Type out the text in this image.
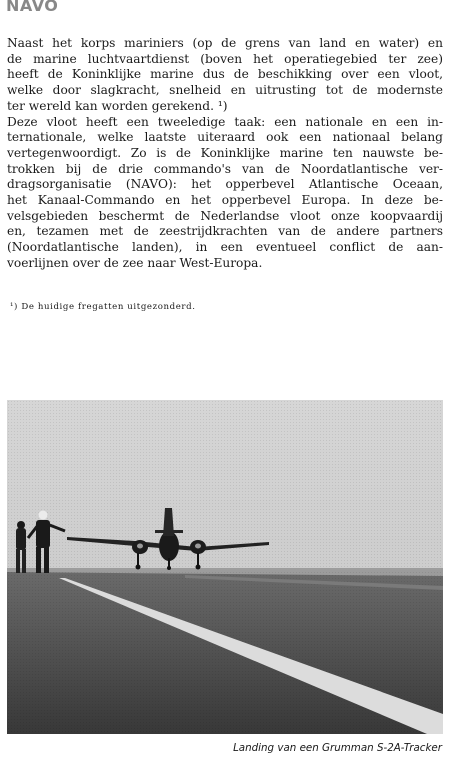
NAVO
Naast het korps mariniers (op de grens van land en water) en
de marine luchtvaartdienst (boven het operatiegebied ter zee)
heeft de Koninklijke marine dus de beschikking over een vloot,
welke door slagkracht, snelheid en uitrusting tot de modernste
ter wereld kan worden gerekend. ¹)
Deze vloot heeft een tweeledige taak: een nationale en een in-
ternationale, welke laatste uiteraard ook een nationaal belang
vertegenwoordigt. Zo is de Koninklijke marine ten nauwste be-
trokken bij de drie commando's van de Noordatlantische ver-
dragsorganisatie (NAVO): het opperbevel Atlantische Oceaan,
het Kanaal-Commando en het opperbevel Europa. In deze be-
velsgebieden beschermt de Nederlandse vloot onze koopvaardij
en, tezamen met de zeestrijdkrachten van de andere partners
(Noordatlantische landen), in een eventueel conflict de aan-
voerlijnen over de zee naar West-Europa.
¹) De huidige fregatten uitgezonderd.
Landing van een Grumman S-2A-Tracker
